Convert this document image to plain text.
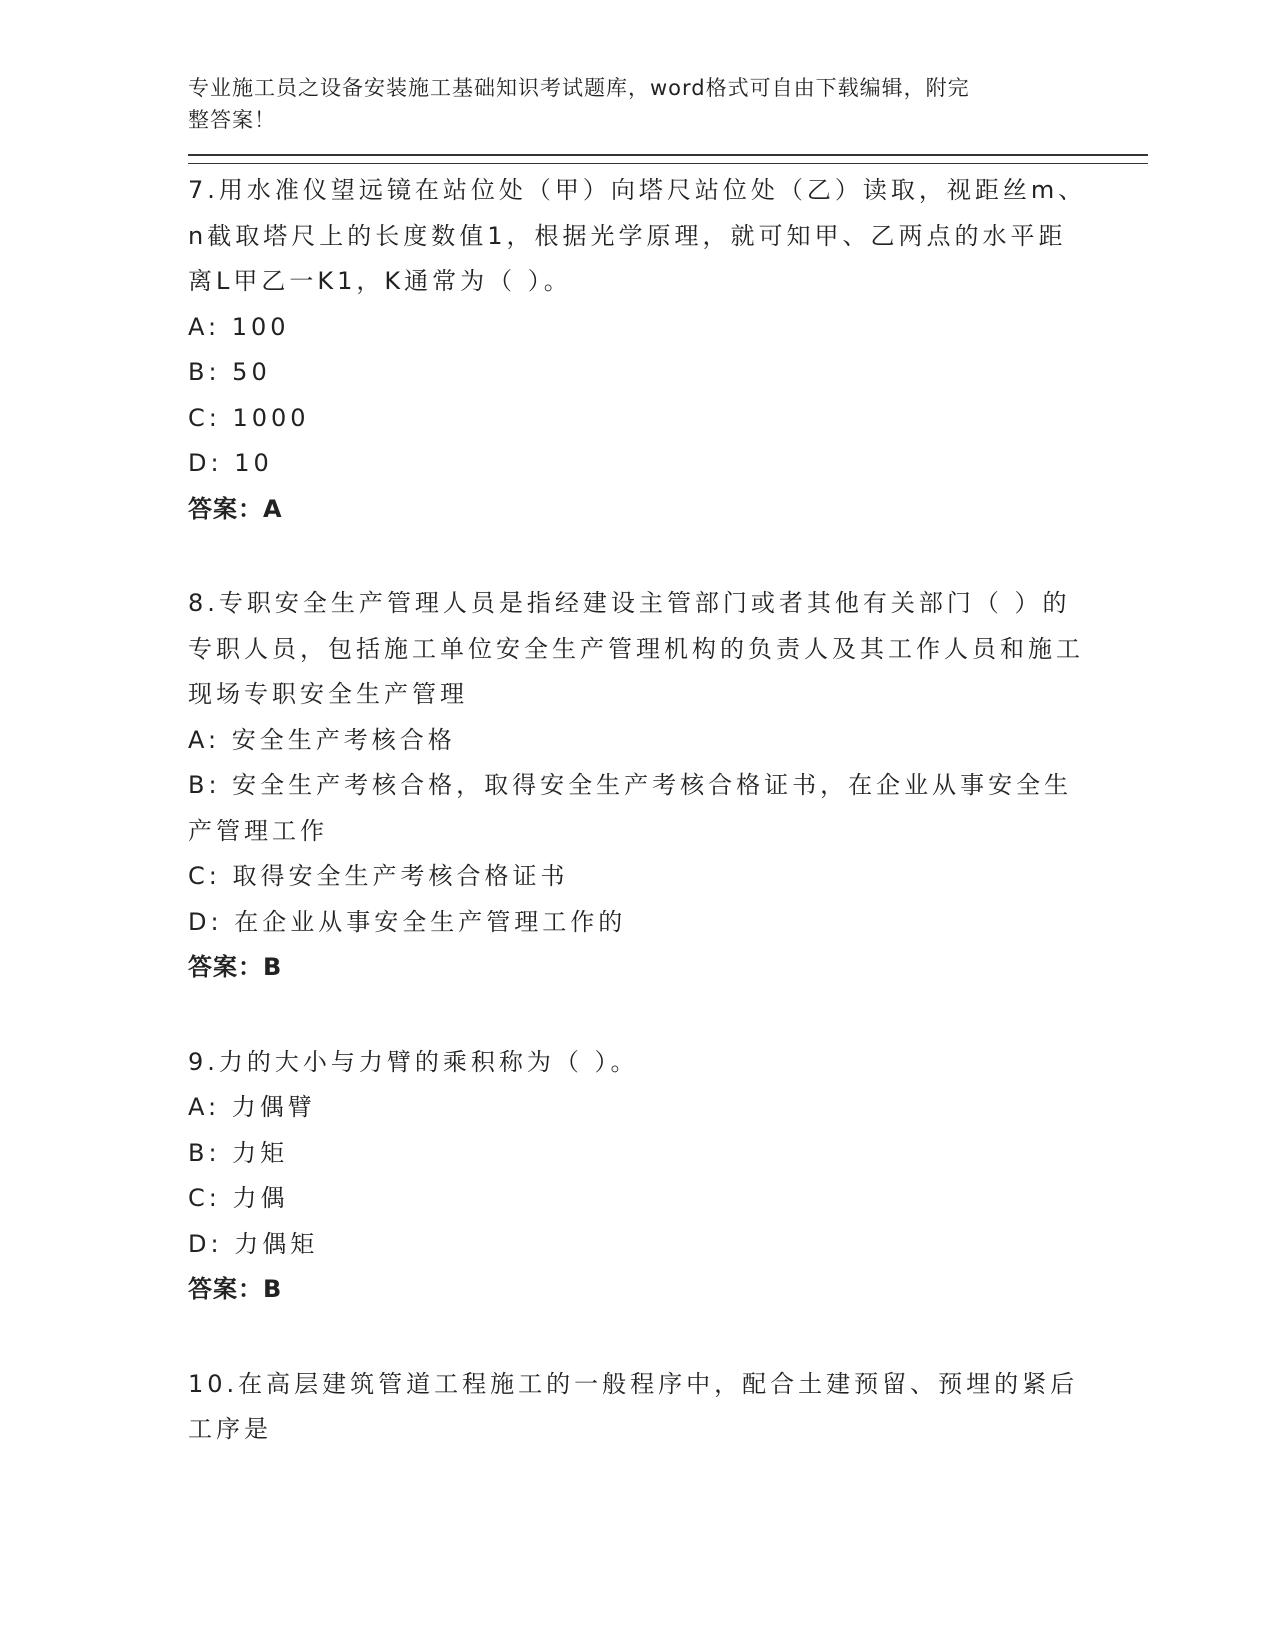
专业施工员之设备安装施工基础知识考试题库，word格式可自由下载编辑，附完
整答案！
7.用水准仪望远镜在站位处（甲）向塔尺站位处（乙）读取，视距丝m、n截取塔尺上的长度数值1，根据光学原理，就可知甲、乙两点的水平距离L甲乙一K1，K通常为（ ）。
A: 100
B: 50
C: 1000
D: 10
答案：A
8.专职安全生产管理人员是指经建设主管部门或者其他有关部门（ ）的专职人员，包括施工单位安全生产管理机构的负责人及其工作人员和施工现场专职安全生产管理
A: 安全生产考核合格
B: 安全生产考核合格，取得安全生产考核合格证书，在企业从事安全生产管理工作
C: 取得安全生产考核合格证书
D: 在企业从事安全生产管理工作的
答案：B
9.力的大小与力臂的乘积称为（ ）。
A: 力偶臂
B: 力矩
C: 力偶
D: 力偶矩
答案：B
10.在高层建筑管道工程施工的一般程序中，配合土建预留、预埋的紧后工序是
